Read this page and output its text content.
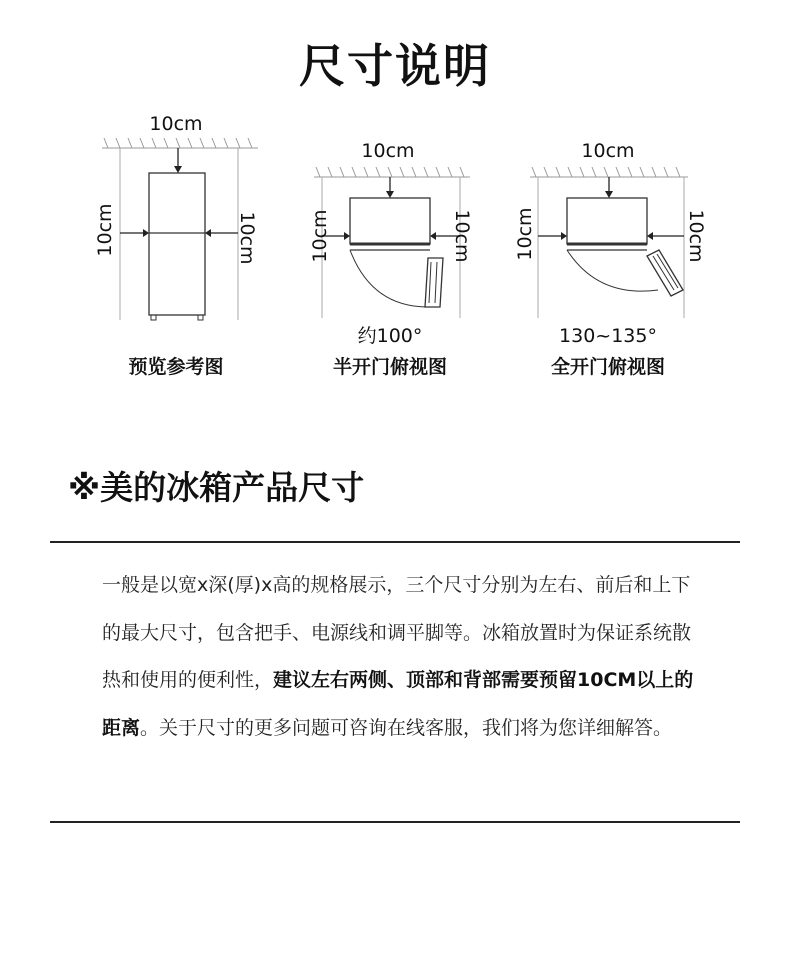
尺寸说明
10cm
10cm	10cm
预览参考图
10cm
10cm	10cm
约100°
半开门俯视图
10cm
10cm	10cm
130~135°
全开门俯视图
※美的冰箱产品尺寸

一般是以宽x深(厚)x高的规格展示，三个尺寸分别为左右、前后和上下的最大尺寸，包含把手、电源线和调平脚等。冰箱放置时为保证系统散热和使用的便利性，建议左右两侧、顶部和背部需要预留10CM以上的距离。关于尺寸的更多问题可咨询在线客服，我们将为您详细解答。
